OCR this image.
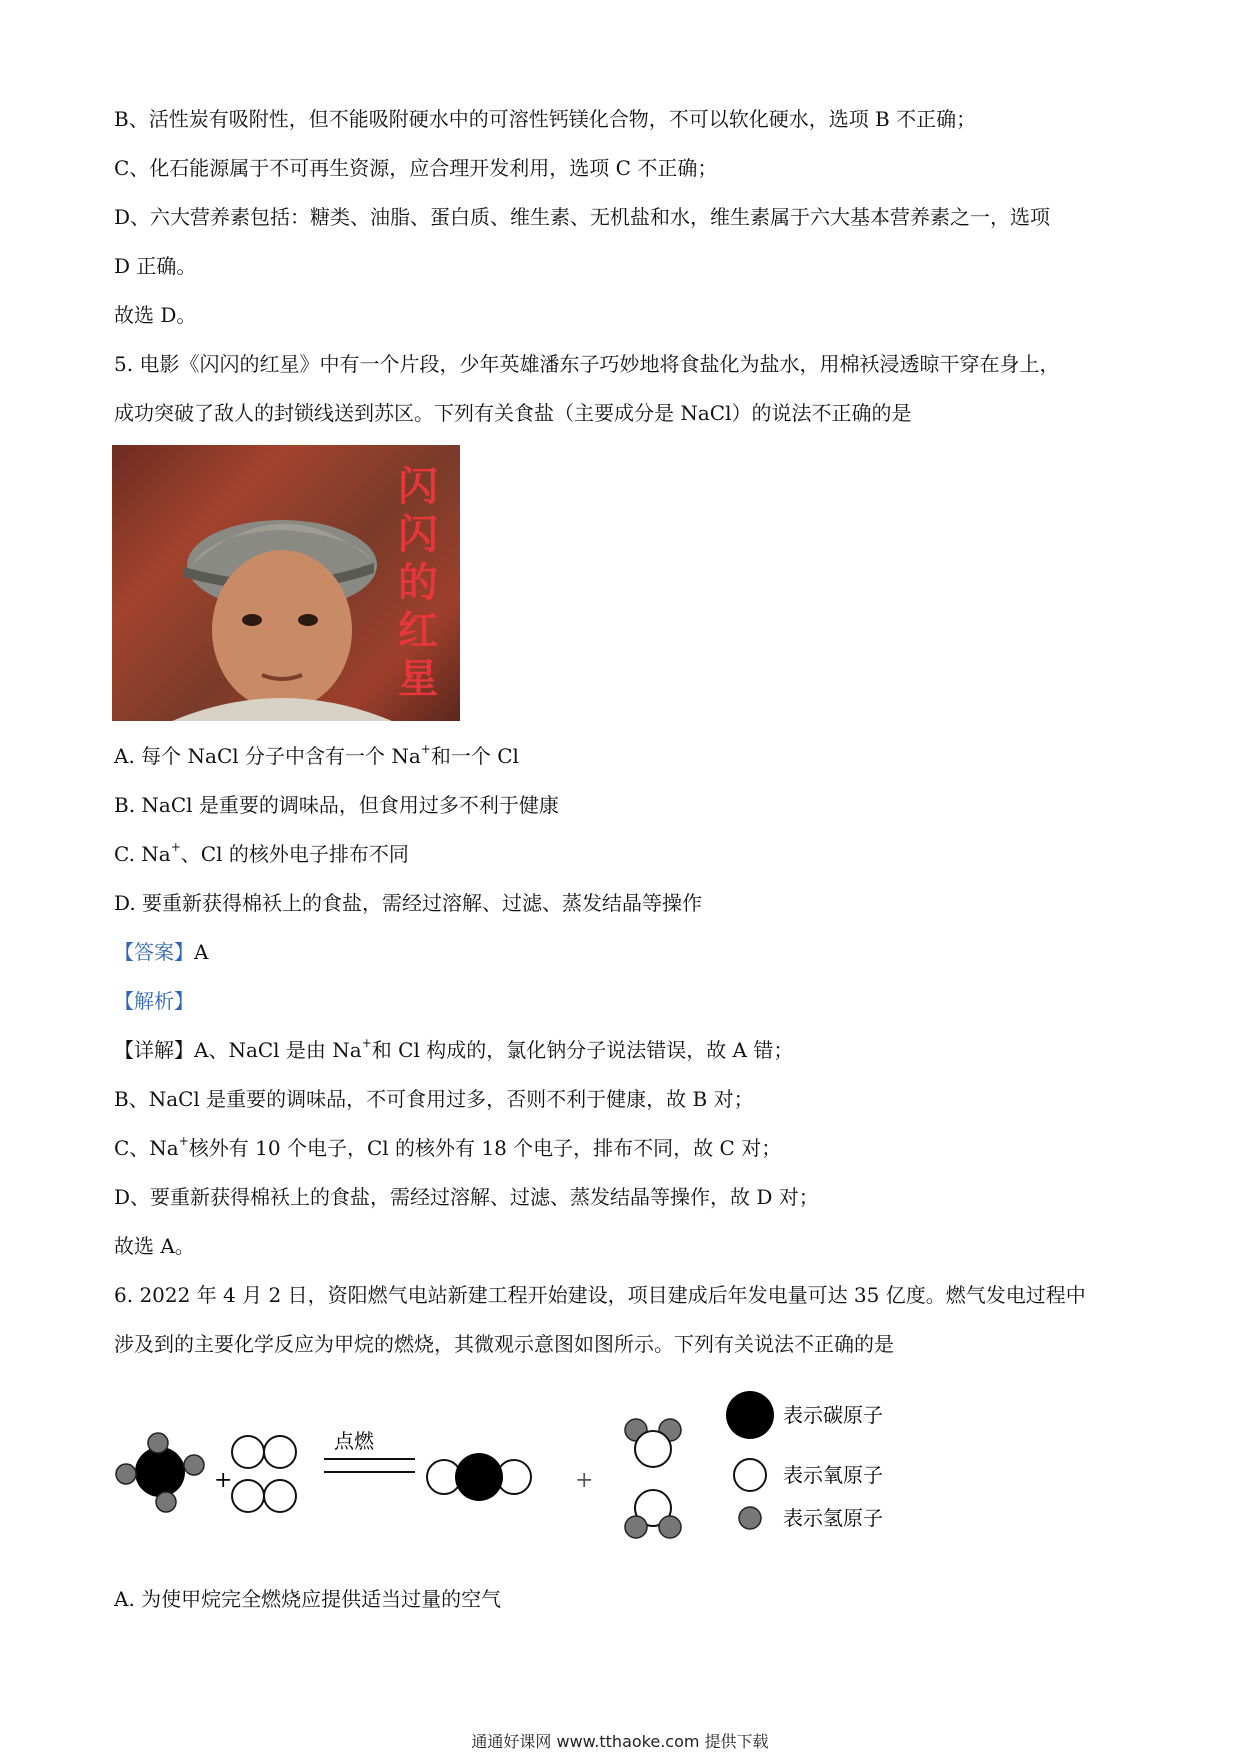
B、活性炭有吸附性，但不能吸附硬水中的可溶性钙镁化合物，不可以软化硬水，选项 B 不正确；
C、化石能源属于不可再生资源，应合理开发利用，选项 C 不正确；
D、六大营养素包括：糖类、油脂、蛋白质、维生素、无机盐和水，维生素属于六大基本营养素之一，选项
D 正确。
故选 D。
5. 电影《闪闪的红星》中有一个片段，少年英雄潘东子巧妙地将食盐化为盐水，用棉袄浸透晾干穿在身上，
成功突破了敌人的封锁线送到苏区。下列有关食盐（主要成分是 NaCl）的说法不正确的是
闪闪的红星
A. 每个 NaCl 分子中含有一个 Na+和一个 Cl
B. NaCl 是重要的调味品，但食用过多不利于健康
C. Na+、Cl 的核外电子排布不同
D. 要重新获得棉袄上的食盐，需经过溶解、过滤、蒸发结晶等操作
【答案】A
【解析】
【详解】A、NaCl 是由 Na+和 Cl 构成的，氯化钠分子说法错误，故 A 错；
B、NaCl 是重要的调味品，不可食用过多，否则不利于健康，故 B 对；
C、Na+核外有 10 个电子，Cl 的核外有 18 个电子，排布不同，故 C 对；
D、要重新获得棉袄上的食盐，需经过溶解、过滤、蒸发结晶等操作，故 D 对；
故选 A。
6. 2022 年 4 月 2 日，资阳燃气电站新建工程开始建设，项目建成后年发电量可达 35 亿度。燃气发电过程中
涉及到的主要化学反应为甲烷的燃烧，其微观示意图如图所示。下列有关说法不正确的是
+
点燃
+
表示碳原子
表示氧原子
表示氢原子
A. 为使甲烷完全燃烧应提供适当过量的空气
通通好课网 www.tthaoke.com 提供下载
